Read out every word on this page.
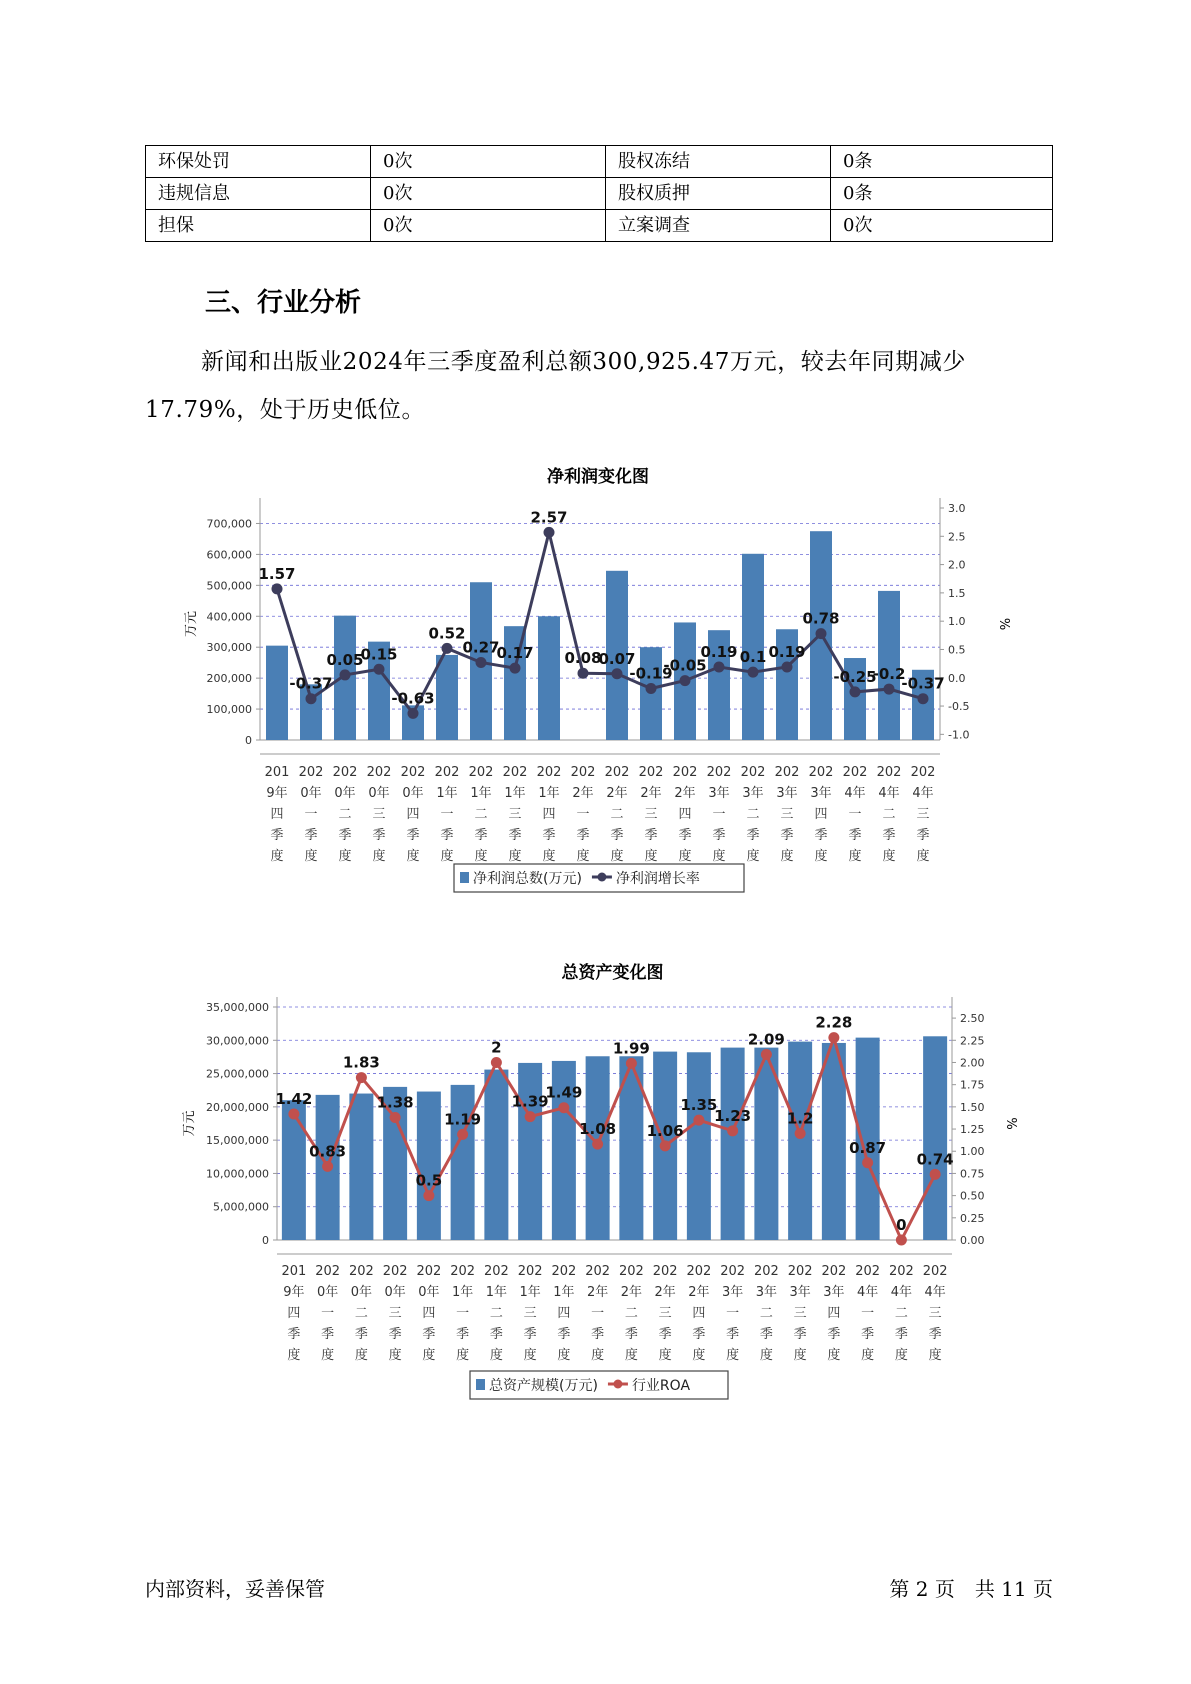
环保处罚	0次	股权冻结	0条
违规信息	0次	股权质押	0条
担保	0次	立案调查	0次
三、行业分析
新闻和出版业2024年三季度盈利总额300,925.47万元，较去年同期减少17.79%，处于历史低位。
净利润变化图
0
100,000
200,000
300,000
400,000
500,000
600,000
700,000
-1.0
-0.5
0.0
0.5
1.0
1.5
2.0
2.5
3.0
万元	%
1.57
-0.37
0.05
0.15
-0.63
0.52
0.27
0.17
2.57
0.08
0.07
-0.19
-0.05
0.19 0.1 0.19
0.78
-0.25
-0.2
-0.37
201 9年四季度
202 0年一季度
202 0年二季度
202 0年三季度
202 0年四季度
202 1年一季度
202 1年二季度
202 1年三季度
202 1年四季度
202 2年一季度
202 2年二季度
202 2年三季度
202 2年四季度
202 3年一季度
202 3年二季度
202 3年三季度
202 3年四季度
202 4年一季度
202 4年二季度
202 4年三季度
净利润总数(万元) 净利润增长率
总资产变化图
0
5,000,000
10,000,000
15,000,000
20,000,000
25,000,000
30,000,000
35,000,000
0.00
0.25
0.50
0.75
1.00
1.25
1.50
1.75
2.00
2.25
2.50
万元	%
1.42
0.83
1.83
1.38
0.5
1.19
2
1.39
1.49
1.08
1.99
1.06
1.35
1.23
2.09
1.2
2.28
0.87
0
0.74
201 9年四季度
202 0年一季度
202 0年二季度
202 0年三季度
202 0年四季度
202 1年一季度
202 1年二季度
202 1年三季度
202 1年四季度
202 2年一季度
202 2年二季度
202 2年三季度
202 2年四季度
202 3年一季度
202 3年二季度
202 3年三季度
202 3年四季度
202 4年一季度
202 4年二季度
202 4年三季度
总资产规模(万元) 行业ROA
内部资料，妥善保管	第 2 页　共 11 页
